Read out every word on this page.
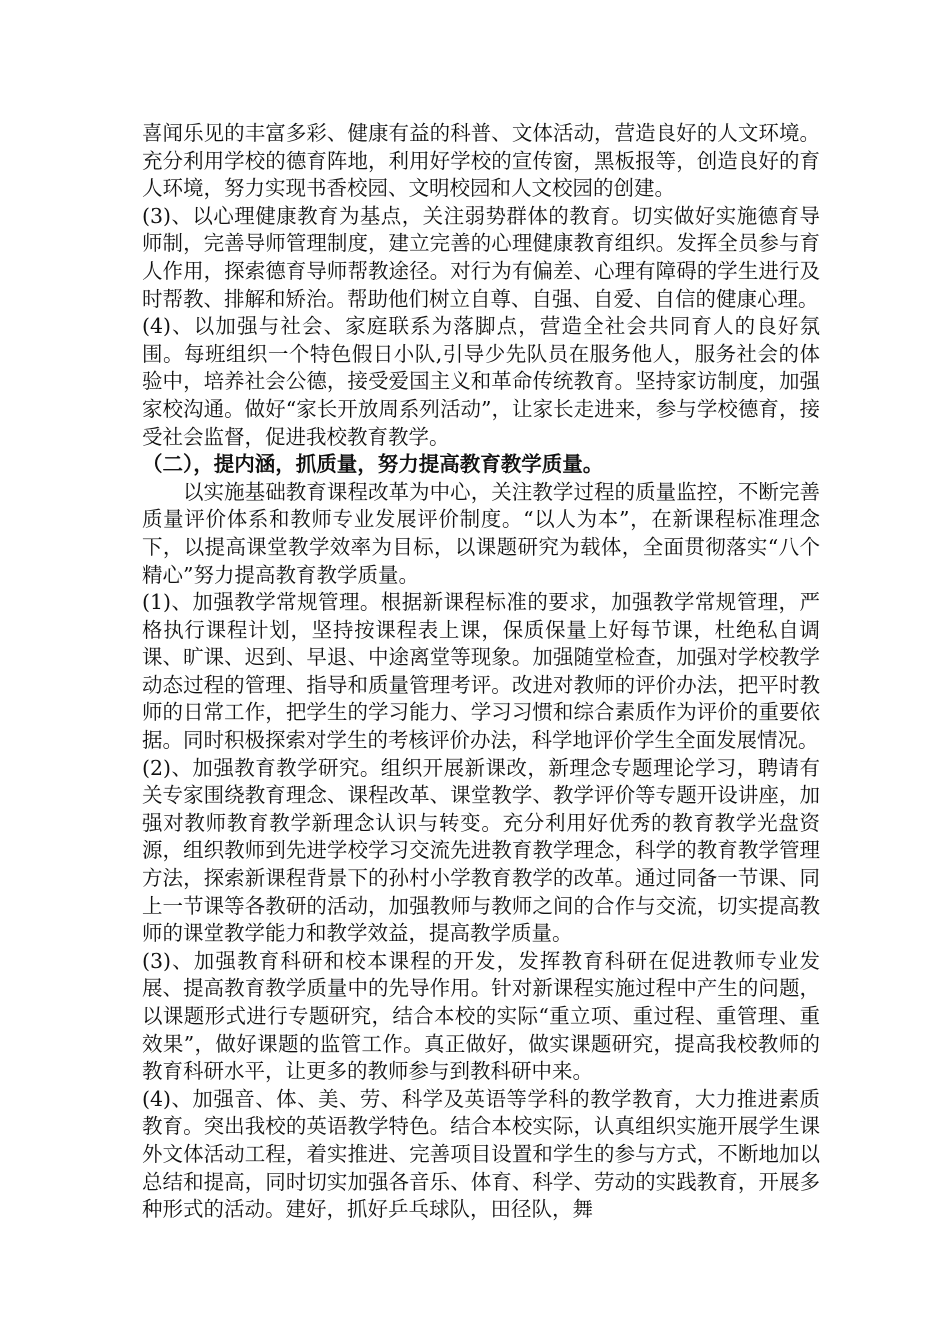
喜闻乐见的丰富多彩、健康有益的科普、文体活动，营造良好的人文环境。充分利用学校的德育阵地，利用好学校的宣传窗，黑板报等，创造良好的育人环境，努力实现书香校园、文明校园和人文校园的创建。

(3)、以心理健康教育为基点，关注弱势群体的教育。切实做好实施德育导师制，完善导师管理制度，建立完善的心理健康教育组织。发挥全员参与育人作用，探索德育导师帮教途径。对行为有偏差、心理有障碍的学生进行及时帮教、排解和矫治。帮助他们树立自尊、自强、自爱、自信的健康心理。

(4)、以加强与社会、家庭联系为落脚点，营造全社会共同育人的良好氛围。每班组织一个特色假日小队,引导少先队员在服务他人，服务社会的体验中，培养社会公德，接受爱国主义和革命传统教育。坚持家访制度，加强家校沟通。做好“家长开放周系列活动”，让家长走进来，参与学校德育，接受社会监督，促进我校教育教学。

（二），提内涵，抓质量，努力提高教育教学质量。

以实施基础教育课程改革为中心，关注教学过程的质量监控，不断完善质量评价体系和教师专业发展评价制度。“以人为本”，在新课程标准理念下，以提高课堂教学效率为目标，以课题研究为载体，全面贯彻落实“八个精心”努力提高教育教学质量。

(1)、加强教学常规管理。根据新课程标准的要求，加强教学常规管理，严格执行课程计划，坚持按课程表上课，保质保量上好每节课，杜绝私自调课、旷课、迟到、早退、中途离堂等现象。加强随堂检查，加强对学校教学动态过程的管理、指导和质量管理考评。改进对教师的评价办法，把平时教师的日常工作，把学生的学习能力、学习习惯和综合素质作为评价的重要依据。同时积极探索对学生的考核评价办法，科学地评价学生全面发展情况。

(2)、加强教育教学研究。组织开展新课改，新理念专题理论学习，聘请有关专家围绕教育理念、课程改革、课堂教学、教学评价等专题开设讲座，加强对教师教育教学新理念认识与转变。充分利用好优秀的教育教学光盘资源，组织教师到先进学校学习交流先进教育教学理念，科学的教育教学管理方法，探索新课程背景下的孙村小学教育教学的改革。通过同备一节课、同上一节课等各教研的活动，加强教师与教师之间的合作与交流，切实提高教师的课堂教学能力和教学效益，提高教学质量。

(3)、加强教育科研和校本课程的开发，发挥教育科研在促进教师专业发展、提高教育教学质量中的先导作用。针对新课程实施过程中产生的问题，以课题形式进行专题研究，结合本校的实际“重立项、重过程、重管理、重效果”，做好课题的监管工作。真正做好，做实课题研究，提高我校教师的教育科研水平，让更多的教师参与到教科研中来。

(4)、加强音、体、美、劳、科学及英语等学科的教学教育，大力推进素质教育。突出我校的英语教学特色。结合本校实际，认真组织实施开展学生课外文体活动工程，着实推进、完善项目设置和学生的参与方式，不断地加以总结和提高，同时切实加强各音乐、体育、科学、劳动的实践教育，开展多种形式的活动。建好，抓好乒乓球队，田径队，舞
